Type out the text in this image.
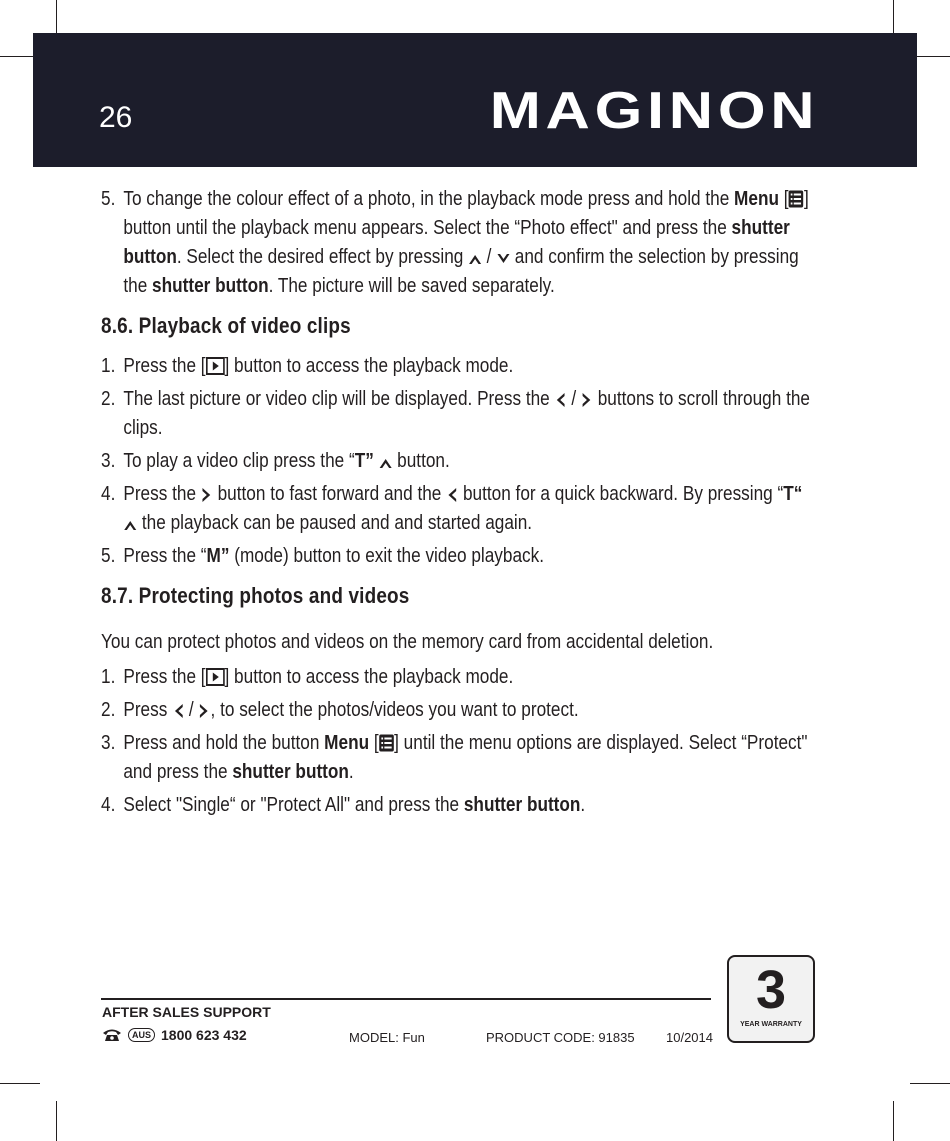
26	MAGINON
5. To change the colour effect of a photo, in the playback mode press and hold the Menu [ ] button until the playback menu appears. Select the “Photo effect" and press the shutter button. Select the desired effect by pressing  /  and confirm the selection by pressing the shutter button. The picture will be saved separately.
8.6. Playback of video clips
1. Press the [ ] button to access the playback mode.
2. The last picture or video clip will be displayed. Press the  /  buttons to scroll through the clips.
3. To play a video clip press the “T”  button.
4. Press the  button to fast forward and the  button for a quick backward. By pressing “T“
the playback can be paused and and started again.
5. Press the “M” (mode) button to exit the video playback.
8.7. Protecting photos and videos

You can protect photos and videos on the memory card from accidental deletion.

1. Press the [ ] button to access the playback mode.
2. Press  / , to select the photos/videos you want to protect.
3. Press and hold the button Menu [ ] until the menu options are displayed. Select “Protect" and press the shutter button.
4. Select "Single“ or "Protect All" and press the shutter button.
AFTER SALES SUPPORT
AUS 1800 623 432	MODEL: Fun	PRODUCT CODE: 91835 10/2014
3
YEAR WARRANTY
